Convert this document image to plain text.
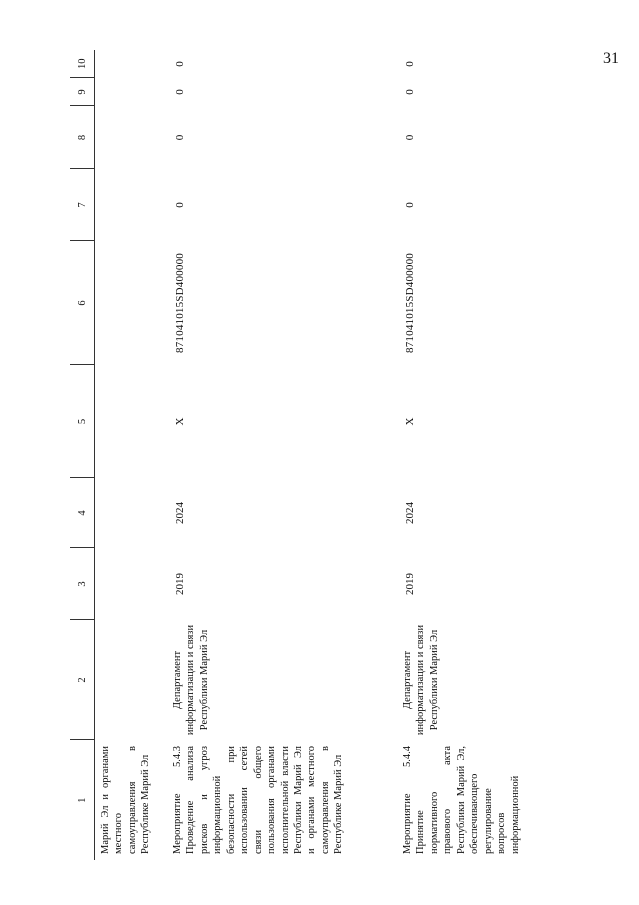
31
1	2	3	4	5	6	7	8	9	10
Марий Эл и органами местного самоуправления в Республике Марий Эл									
Мероприятие 5.4.3 Проведение анализа рисков и угроз информационной безопасности при использовании сетей связи общего пользования органами исполнительной власти Республики Марий Эл и органами местного самоуправления в Республике Марий Эл	Департамент информатизации и связи Республики Марий Эл	2019	2024	X	871041015SD400000	0	0	0	0
Мероприятие 5.4.4 Принятие нормативного правового акта Республики Марий Эл, обеспечивающего регулирование вопросов информационной	Департамент информатизации и связи Республики Марий Эл	2019	2024	X	871041015SD400000	0	0	0	0
